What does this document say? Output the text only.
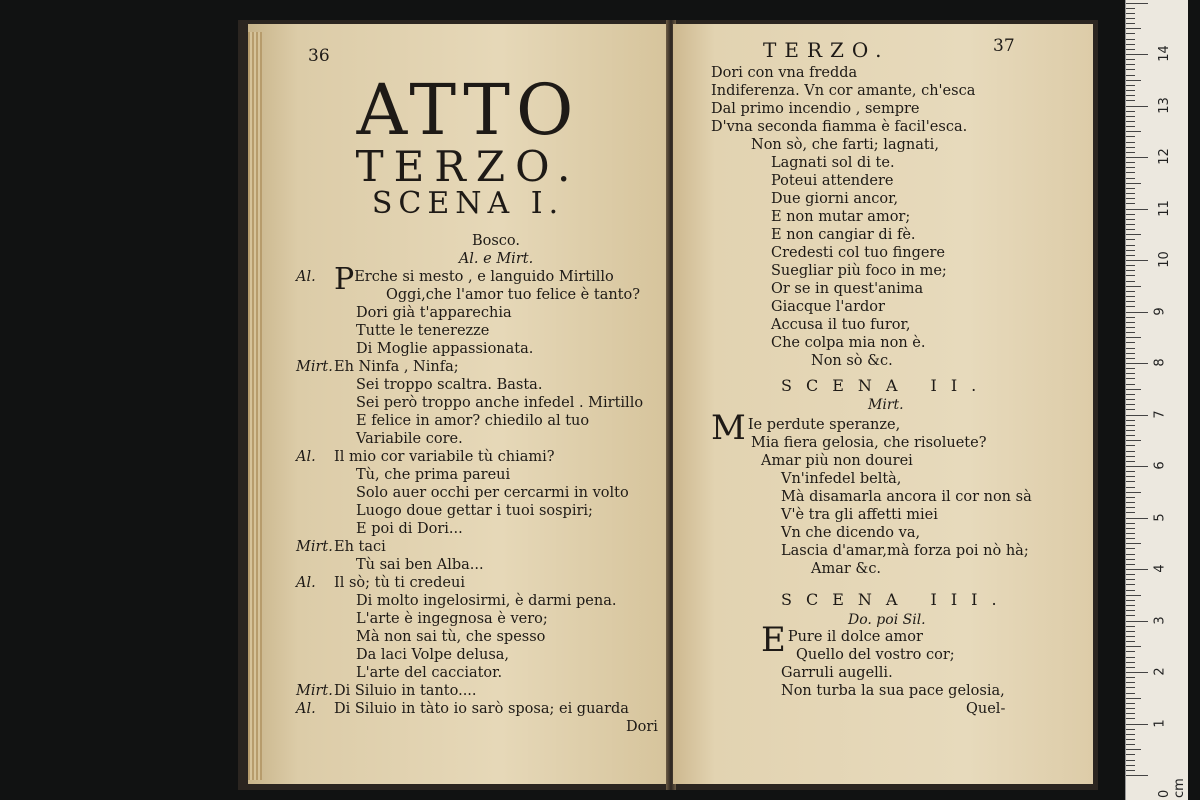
36
ATTO
TERZO.
SCENA I.
Bosco.
Al. e Mirt.
Al. PErche si mesto , e languido Mirtillo
Oggi,che l'amor tuo felice è tanto?
Dori già t'apparechia
Tutte le tenerezze
Di Moglie appassionata.
Mirt.Eh Ninfa , Ninfa;
Sei troppo scaltra. Basta.
Sei però troppo anche infedel . Mirtillo
E felice in amor? chiedilo al tuo
Variabile core.
Al. Il mio cor variabile tù chiami?
Tù, che prima pareui
Solo auer occhi per cercarmi in volto
Luogo doue gettar i tuoi sospiri;
E poi di Dori...
Mirt.Eh taci
Tù sai ben Alba...
Al. Il sò; tù ti credeui
Di molto ingelosirmi, è darmi pena.
L'arte è ingegnosa è vero;
Mà non sai tù, che spesso
Da laci Volpe delusa,
L'arte del cacciator.
Mirt.Di Siluio in tanto....
Al. Di Siluio in tàto io sarò sposa; ei guarda
Dori
TERZO.	37
Dori con vna fredda
Indiferenza. Vn cor amante, ch'esca
Dal primo incendio , sempre
D'vna seconda fiamma è facil'esca.
Non sò, che farti; lagnati,
Lagnati sol di te.
Poteui attendere
Due giorni ancor,
E non mutar amor;
E non cangiar di fè.
Credesti col tuo fingere
Suegliar più foco in me;
Or se in quest'anima
Giacque l'ardor
Accusa il tuo furor,
Che colpa mia non è.
Non sò &c.
SCENA II.
Mirt.
M Ie perdute speranze,
Mia fiera gelosia, che risoluete?
Amar più non dourei
Vn'infedel beltà,
Mà disamarla ancora il cor non sà
V'è tra gli affetti miei
Vn che dicendo va,
Lascia d'amar,mà forza poi nò hà;
Amar &c.
SCENA III.
Do. poi Sil.
E Pure il dolce amor
Quello del vostro cor;
Garruli augelli.
Non turba la sua pace gelosia,
Quel-
0 cm
1
2
3
4
5
6
7
8
9
10
11
12
13
14
